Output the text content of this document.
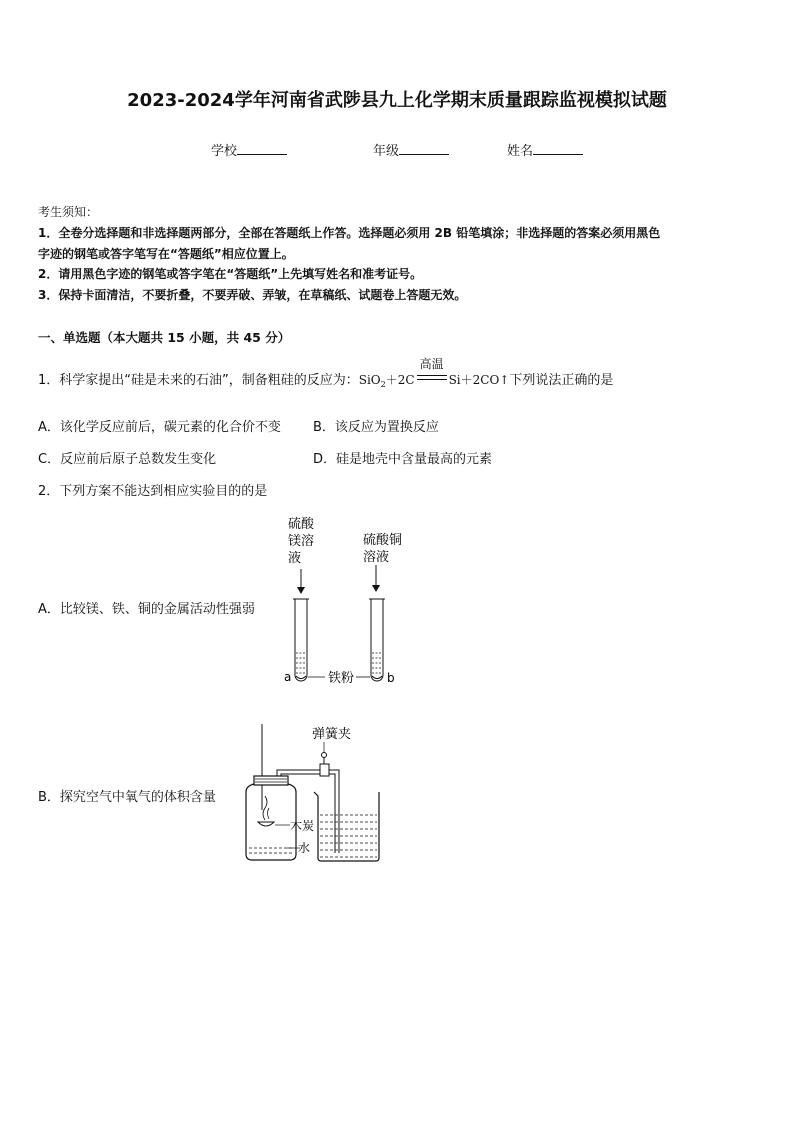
2023-2024学年河南省武陟县九上化学期末质量跟踪监视模拟试题
学校	年级	姓名
考生须知：
1．全卷分选择题和非选择题两部分，全部在答题纸上作答。选择题必须用 2B 铅笔填涂；非选择题的答案必须用黑色
字迹的钢笔或答字笔写在“答题纸”相应位置上。
2．请用黑色字迹的钢笔或答字笔在“答题纸”上先填写姓名和准考证号。
3．保持卡面清洁，不要折叠，不要弄破、弄皱，在草稿纸、试题卷上答题无效。
一、单选题（本大题共 15 小题，共 45 分）
1．科学家提出“硅是未来的石油”，制备粗硅的反应为：SiO$_2$＋2C
高温
Si＋2CO↑下列说法正确的是
A．该化学反应前后，碳元素的化合价不变 B．该反应为置换反应
C．反应前后原子总数发生变化	D．硅是地壳中含量最高的元素
2．下列方案不能达到相应实验目的的是
A．比较镁、铁、铜的金属活动性强弱
硫酸
镁溶
液
硫酸铜
溶液
a	b
铁粉
B．探究空气中氧气的体积含量
弹簧夹
木炭
水
